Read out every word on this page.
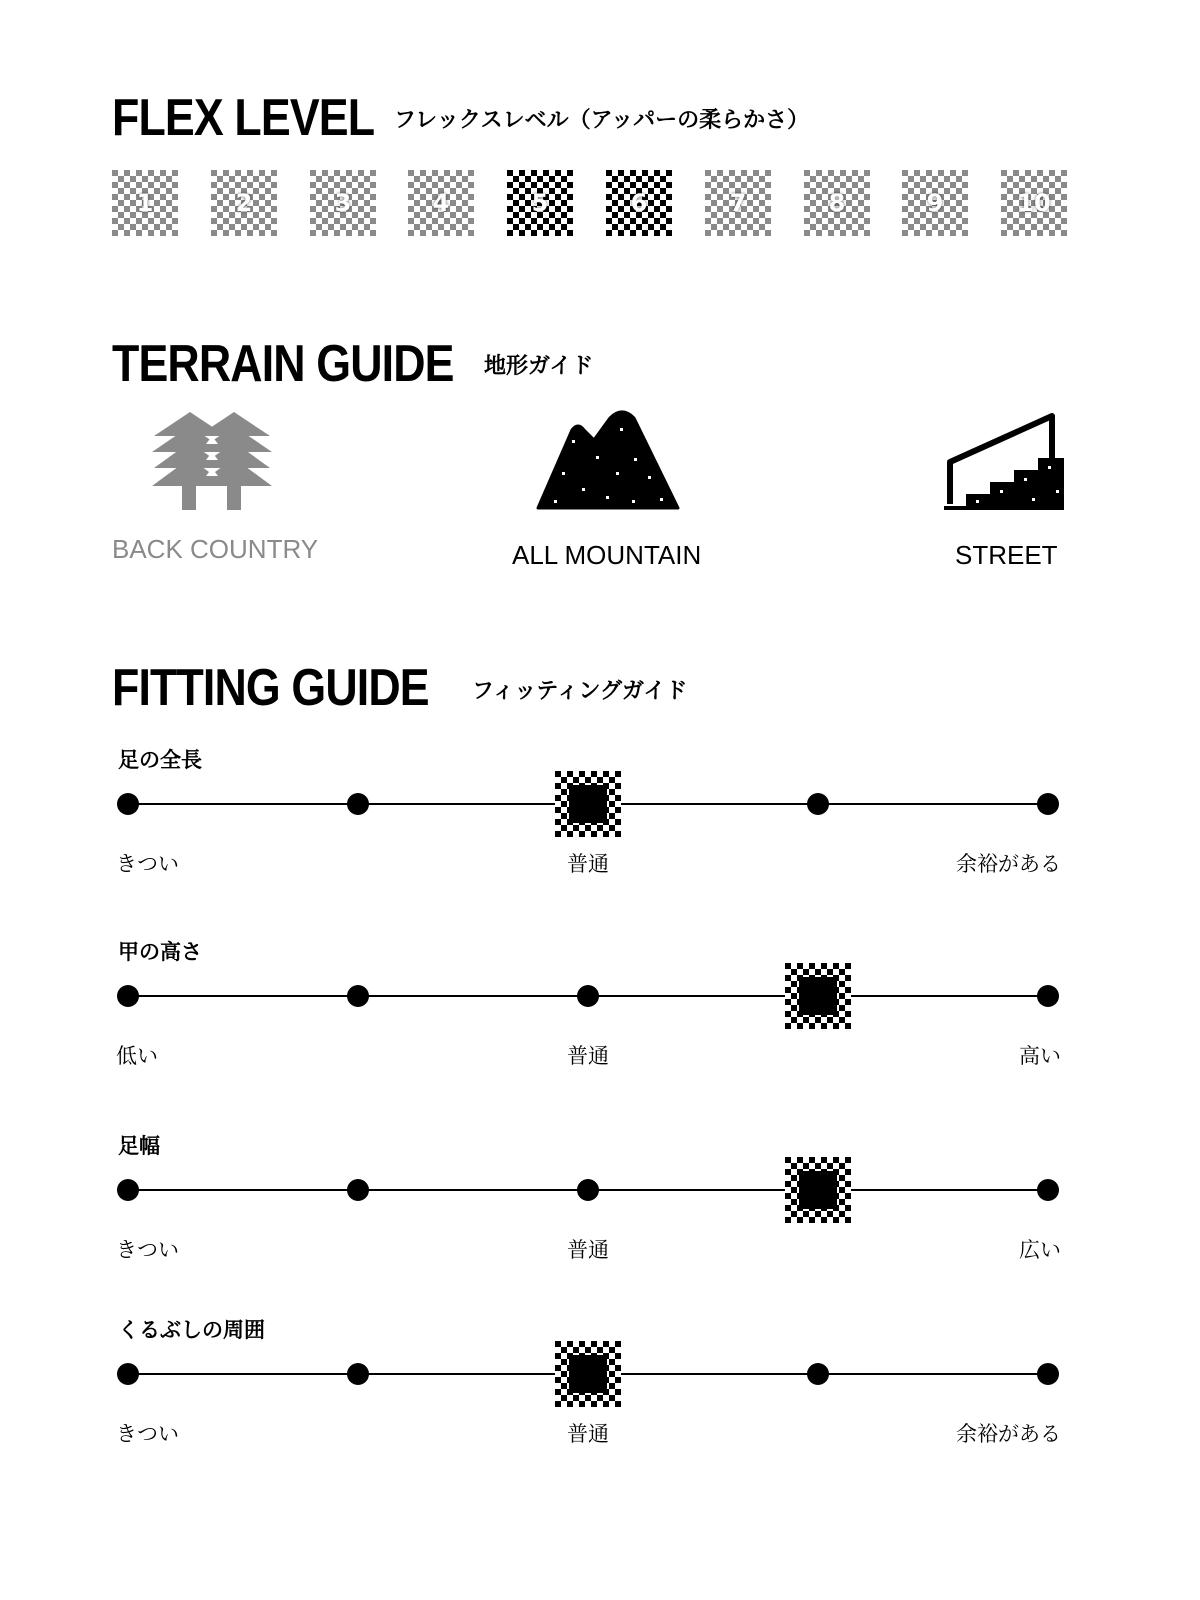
FLEX LEVEL フレックスレベル（アッパーの柔らかさ）
1	2	3	4	5	6	7	8	9	10
TERRAIN GUIDE 地形ガイド
BACK COUNTRY	ALL MOUNTAIN	STREET
FITTING GUIDE フィッティングガイド
足の全長
きつい	普通	余裕がある
甲の高さ
低い	普通	高い
足幅
きつい	普通	広い
くるぶしの周囲
きつい	普通	余裕がある
